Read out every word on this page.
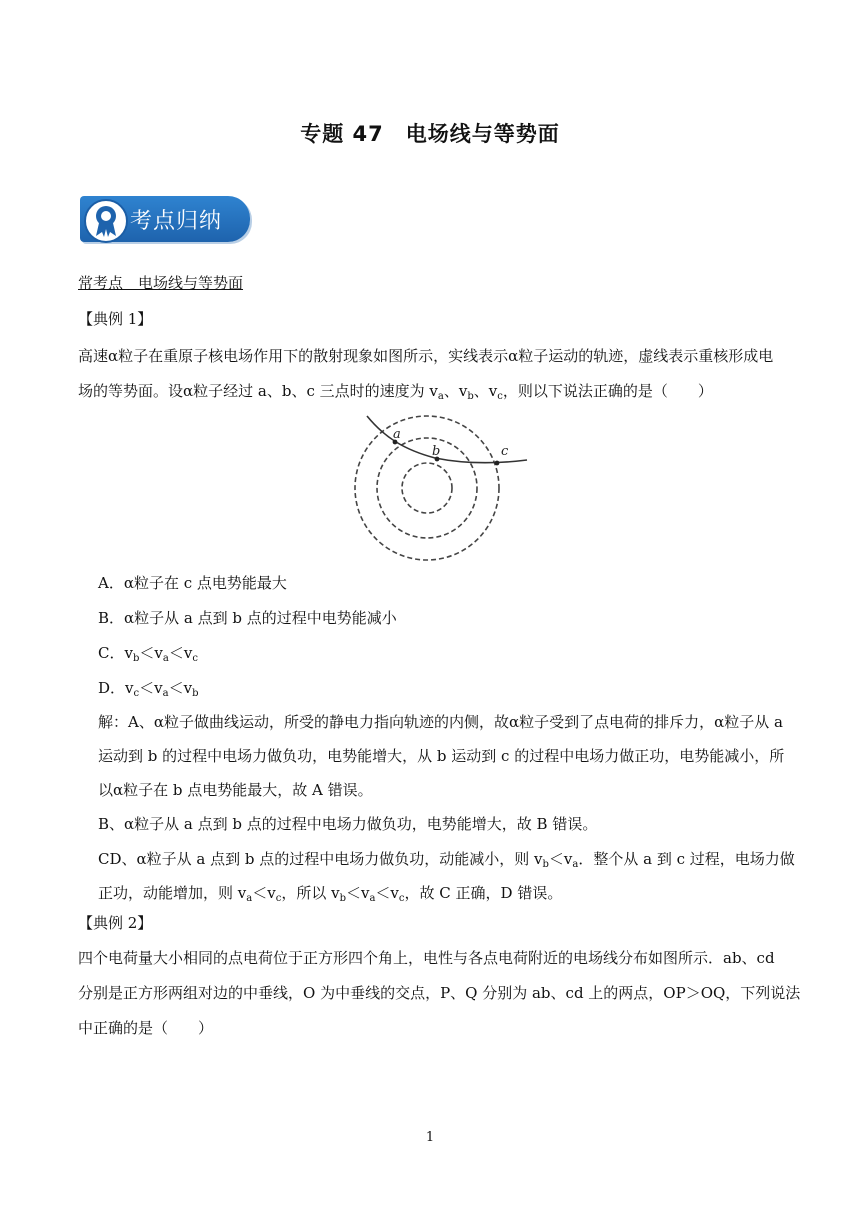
专题 47　电场线与等势面
考点归纳
常考点　电场线与等势面
【典例 1】
高速α粒子在重原子核电场作用下的散射现象如图所示，实线表示α粒子运动的轨迹，虚线表示重核形成电
场的等势面。设α粒子经过 a、b、c 三点时的速度为 $v_a$、$v_b$、$v_c$，则以下说法正确的是（　　）
a
b	c
A．α粒子在 c 点电势能最大
B．α粒子从 a 点到 b 点的过程中电势能减小
C．$v_b<v_a<v_c$
D．$v_c<v_a<v_b$
解：A、α粒子做曲线运动，所受的静电力指向轨迹的内侧，故α粒子受到了点电荷的排斥力，α粒子从 a
运动到 b 的过程中电场力做负功，电势能增大，从 b 运动到 c 的过程中电场力做正功，电势能减小，所
以α粒子在 b 点电势能最大，故 A 错误。
B、α粒子从 a 点到 b 点的过程中电场力做负功，电势能增大，故 B 错误。
CD、α粒子从 a 点到 b 点的过程中电场力做负功，动能减小，则 $v_b<v_a$．整个从 a 到 c 过程，电场力做
正功，动能增加，则 $v_a<v_c$，所以 $v_b<v_a<v_c$，故 C 正确，D 错误。
【典例 2】
四个电荷量大小相同的点电荷位于正方形四个角上，电性与各点电荷附近的电场线分布如图所示．ab、cd
分别是正方形两组对边的中垂线，O 为中垂线的交点，P、Q 分别为 ab、cd 上的两点，OP＞OQ，下列说法
中正确的是（　　）
1
